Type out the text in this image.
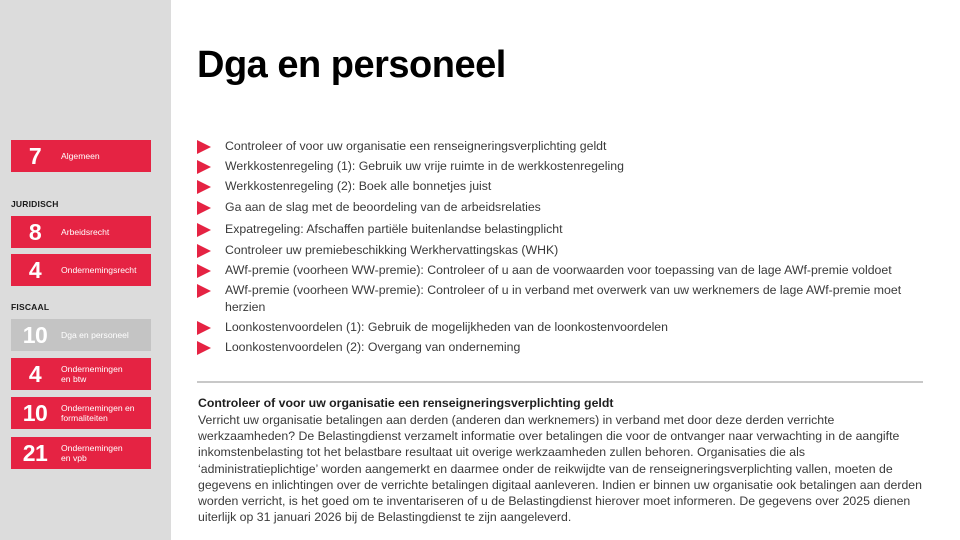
7	Algemeen
JURIDISCH
8	Arbeidsrecht
4	Ondernemingsrecht
FISCAAL
10	Dga en personeel
4	Ondernemingen en btw
10	Ondernemingen en formaliteiten
21	Ondernemingen en vpb
Dga en personeel
Controleer of voor uw organisatie een renseigneringsverplichting geldt
Werkkostenregeling (1): Gebruik uw vrije ruimte in de werkkostenregeling
Werkkostenregeling (2): Boek alle bonnetjes juist
Ga aan de slag met de beoordeling van de arbeidsrelaties
Expatregeling: Afschaffen partiële buitenlandse belastingplicht
Controleer uw premiebeschikking Werkhervattingskas (WHK)
AWf-premie (voorheen WW-premie): Controleer of u aan de voorwaarden voor toepassing van de lage AWf-premie voldoet
AWf-premie (voorheen WW-premie): Controleer of u in verband met overwerk van uw werknemers de lage AWf-premie moet herzien
Loonkostenvoordelen (1): Gebruik de mogelijkheden van de loonkostenvoordelen
Loonkostenvoordelen (2): Overgang van onderneming
Controleer of voor uw organisatie een renseigneringsverplichting geldt

Verricht uw organisatie betalingen aan derden (anderen dan werknemers) in verband met door deze derden verrichte werkzaamheden? De Belastingdienst verzamelt informatie over betalingen die voor de ontvanger naar verwachting in de aangifte inkomstenbelasting tot het belastbare resultaat uit overige werkzaamheden zullen behoren. Organisaties die als ‘administratieplichtige’ worden aangemerkt en daarmee onder de reikwijdte van de renseigneringsverplichting vallen, moeten de gegevens en inlichtingen over de verrichte betalingen digitaal aanleveren. Indien er binnen uw organisatie ook betalingen aan derden worden verricht, is het goed om te inventariseren of u de Belastingdienst hierover moet informeren. De gegevens over 2025 dienen uiterlijk op 31 januari 2026 bij de Belastingdienst te zijn aangeleverd.
